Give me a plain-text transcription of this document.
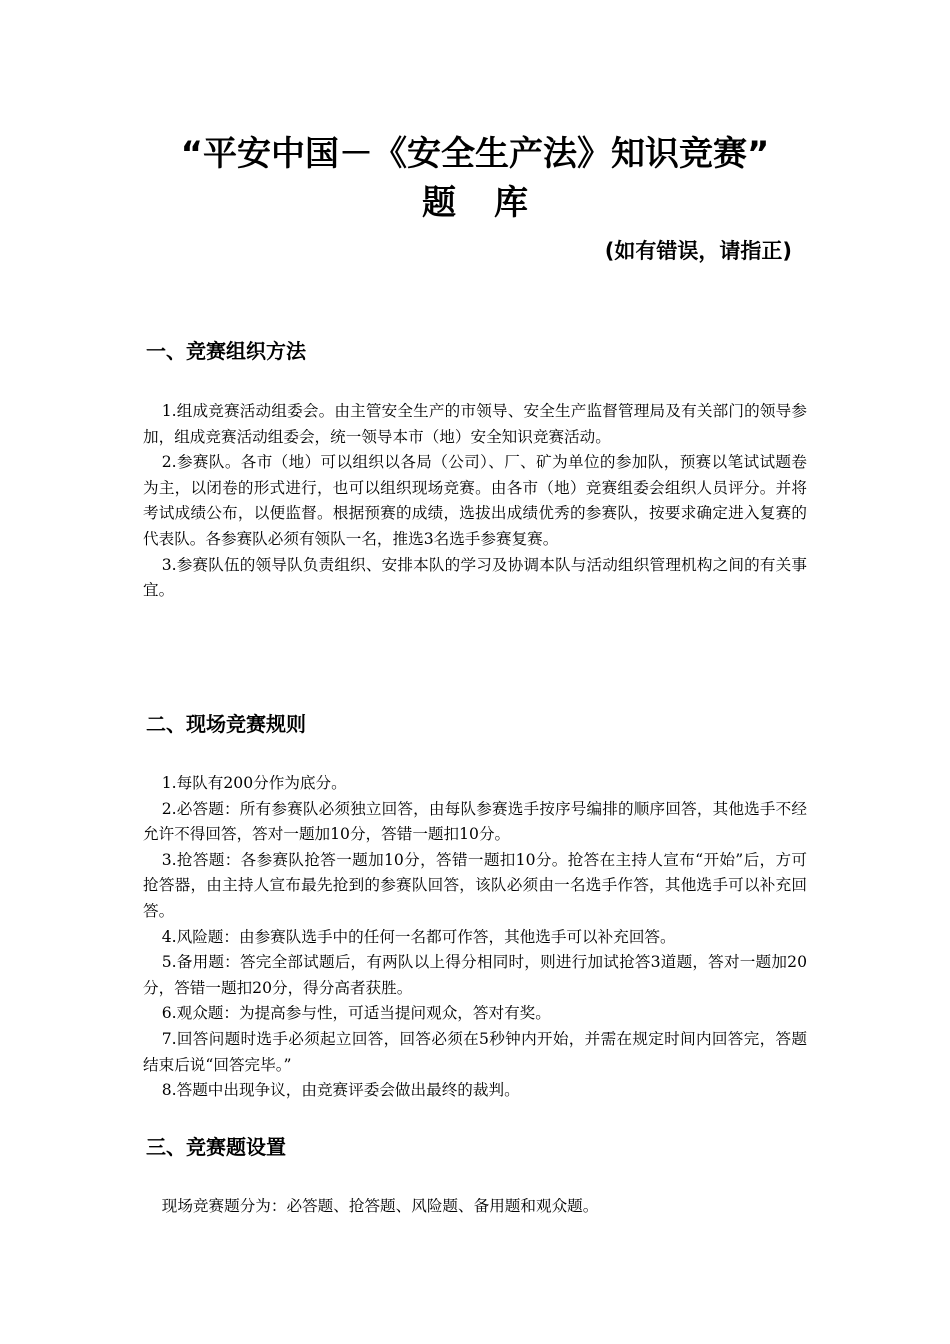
“平安中国－《安全生产法》知识竞赛”
题库
(如有错误，请指正)
一、竞赛组织方法

1.组成竞赛活动组委会。由主管安全生产的市领导、安全生产监督管理局及有关部门的领导参加，组成竞赛活动组委会，统一领导本市（地）安全知识竞赛活动。

2.参赛队。各市（地）可以组织以各局（公司）、厂、矿为单位的参加队，预赛以笔试试题卷为主，以闭卷的形式进行，也可以组织现场竞赛。由各市（地）竞赛组委会组织人员评分。并将考试成绩公布，以便监督。根据预赛的成绩，选拔出成绩优秀的参赛队，按要求确定进入复赛的代表队。各参赛队必须有领队一名，推选3名选手参赛复赛。

3.参赛队伍的领导队负责组织、安排本队的学习及协调本队与活动组织管理机构之间的有关事宜。

二、现场竞赛规则

1.每队有200分作为底分。

2.必答题：所有参赛队必须独立回答，由每队参赛选手按序号编排的顺序回答，其他选手不经允许不得回答，答对一题加10分，答错一题扣10分。

3.抢答题：各参赛队抢答一题加10分，答错一题扣10分。抢答在主持人宣布“开始”后，方可抢答器，由主持人宣布最先抢到的参赛队回答，该队必须由一名选手作答，其他选手可以补充回答。

4.风险题：由参赛队选手中的任何一名都可作答，其他选手可以补充回答。

5.备用题：答完全部试题后，有两队以上得分相同时，则进行加试抢答3道题，答对一题加20分，答错一题扣20分，得分高者获胜。

6.观众题：为提高参与性，可适当提问观众，答对有奖。

7.回答问题时选手必须起立回答，回答必须在5秒钟内开始，并需在规定时间内回答完，答题结束后说“回答完毕。”

8.答题中出现争议，由竞赛评委会做出最终的裁判。

三、竞赛题设置

现场竞赛题分为：必答题、抢答题、风险题、备用题和观众题。
